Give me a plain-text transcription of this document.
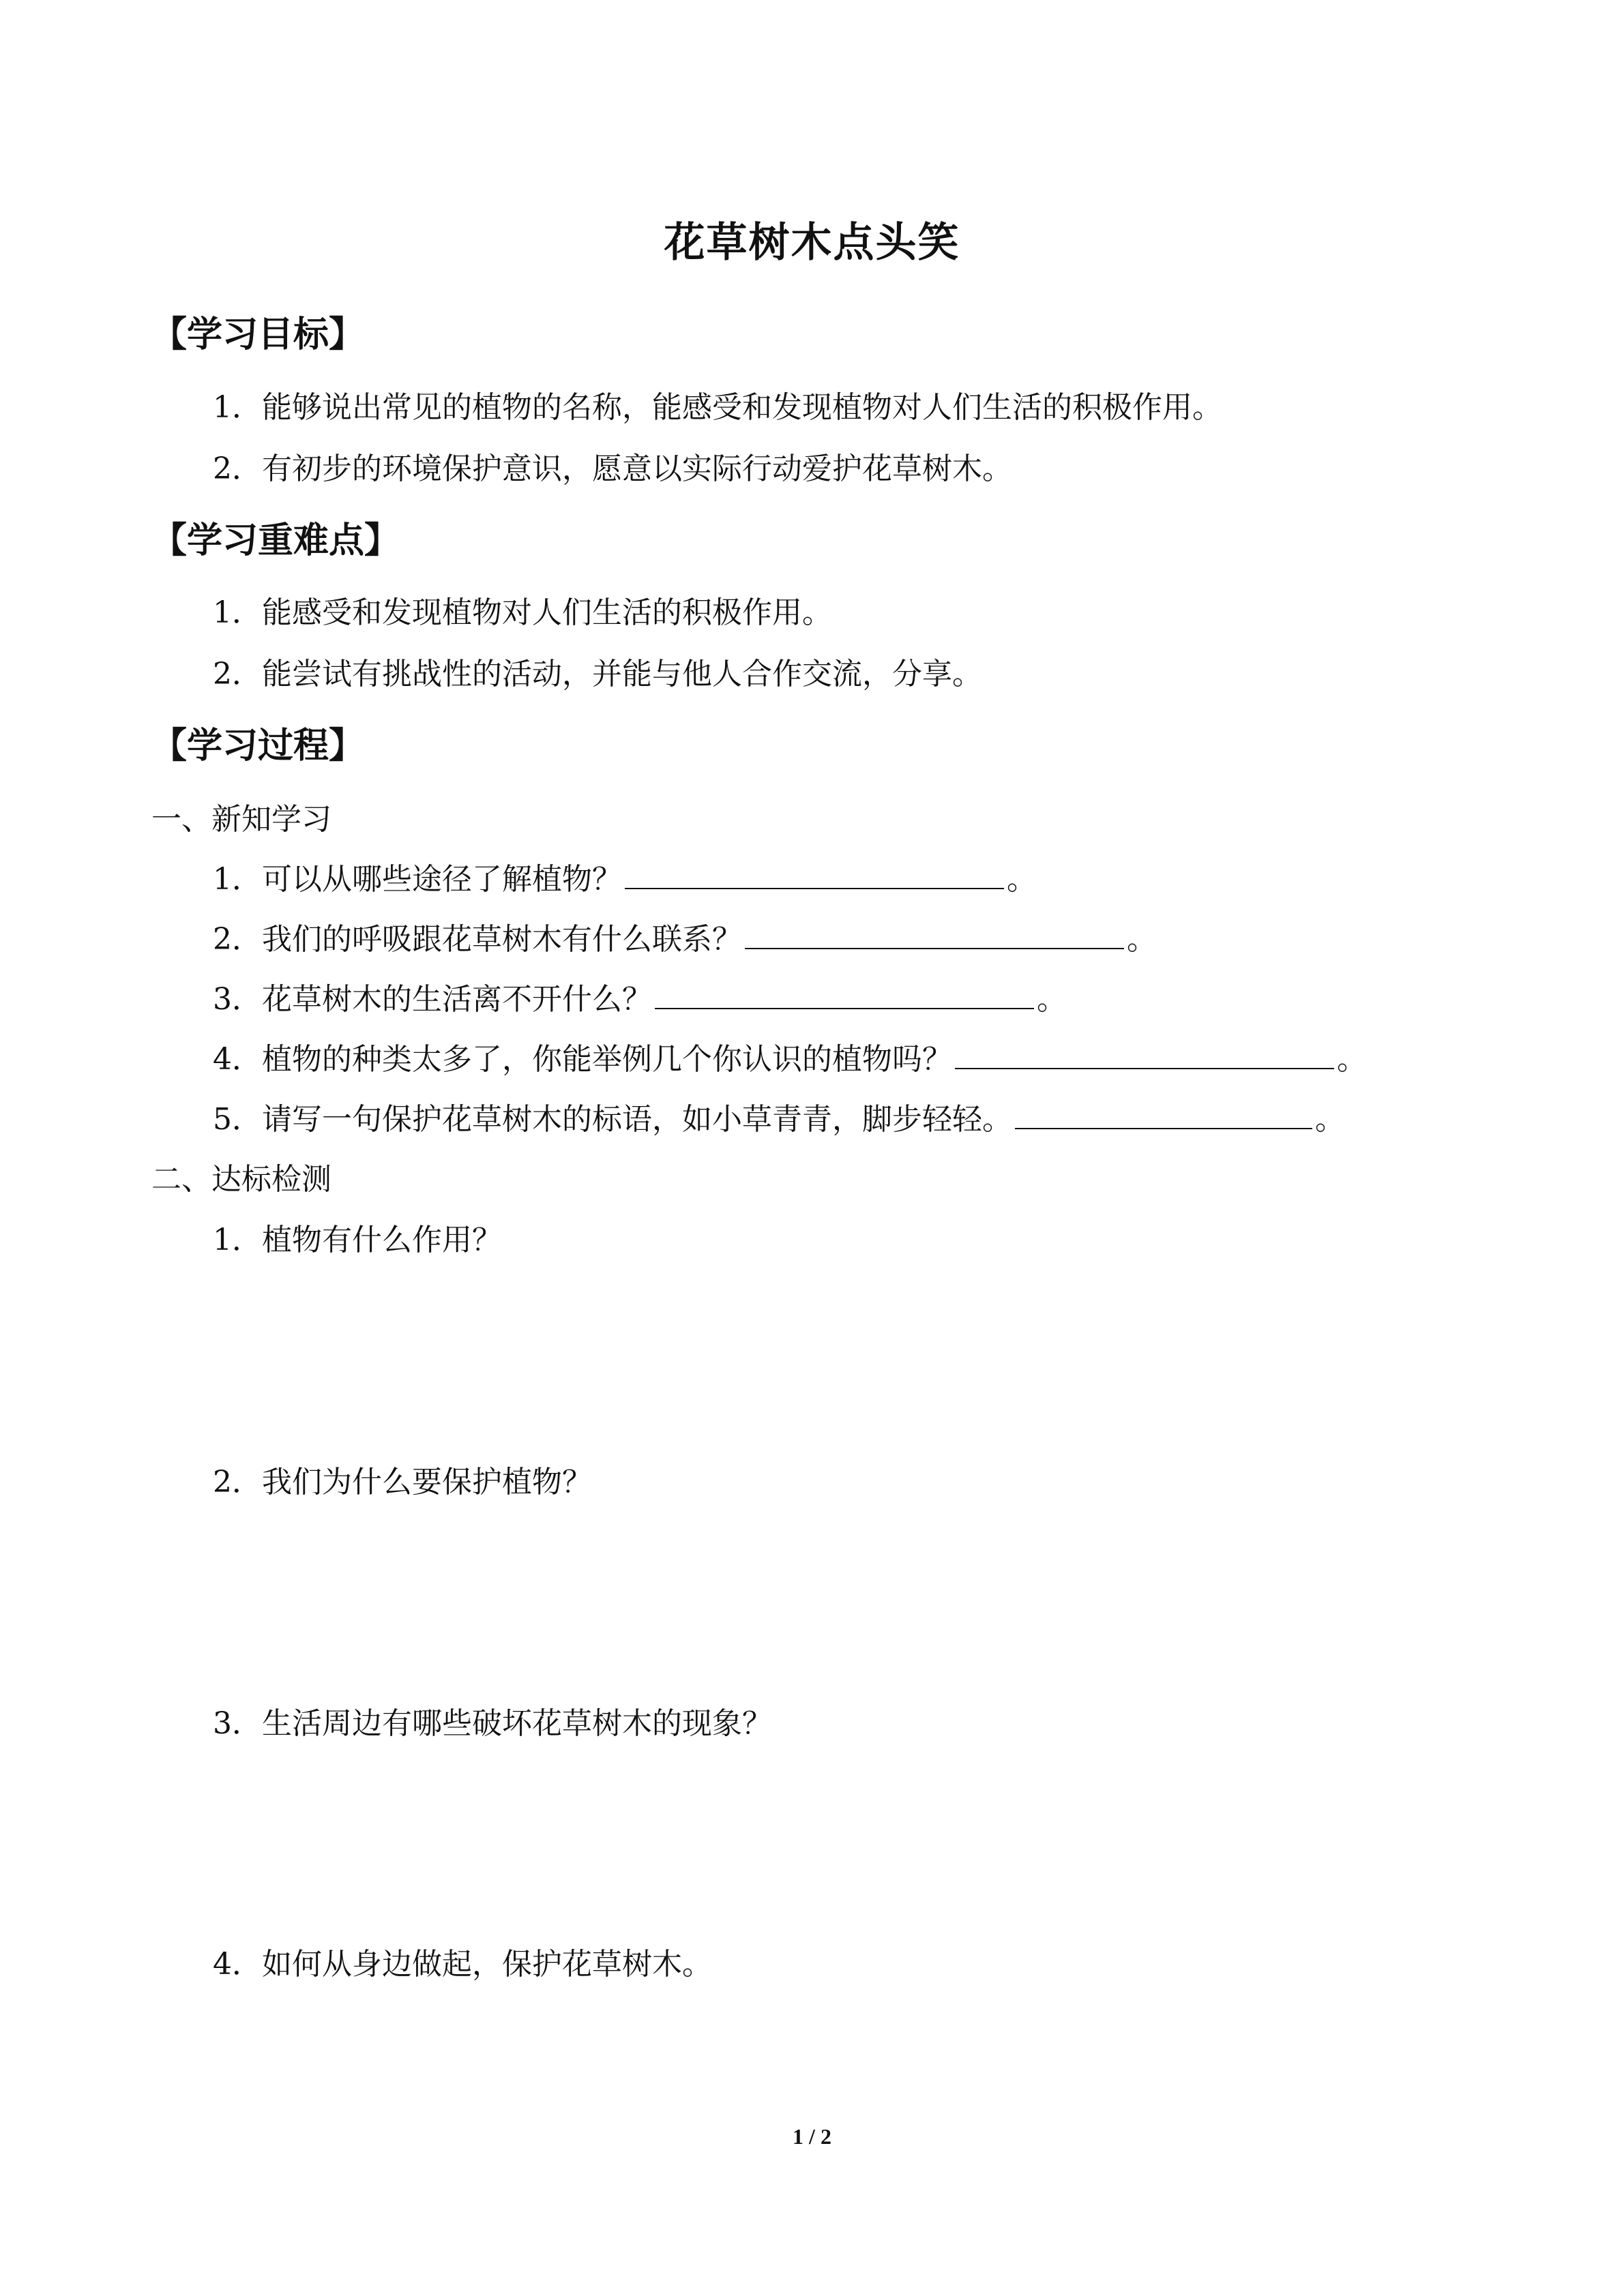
花草树木点头笑
【学习目标】
1．能够说出常见的植物的名称，能感受和发现植物对人们生活的积极作用。
2．有初步的环境保护意识，愿意以实际行动爱护花草树木。
【学习重难点】
1．能感受和发现植物对人们生活的积极作用。
2．能尝试有挑战性的活动，并能与他人合作交流，分享。
【学习过程】
一、新知学习
1．可以从哪些途径了解植物？	。
2．我们的呼吸跟花草树木有什么联系？	。
3．花草树木的生活离不开什么？	。
4．植物的种类太多了，你能举例几个你认识的植物吗？	。
5．请写一句保护花草树木的标语，如小草青青，脚步轻轻。	。
二、达标检测
1．植物有什么作用？
2．我们为什么要保护植物？
3．生活周边有哪些破坏花草树木的现象？
4．如何从身边做起，保护花草树木。
1 / 2
